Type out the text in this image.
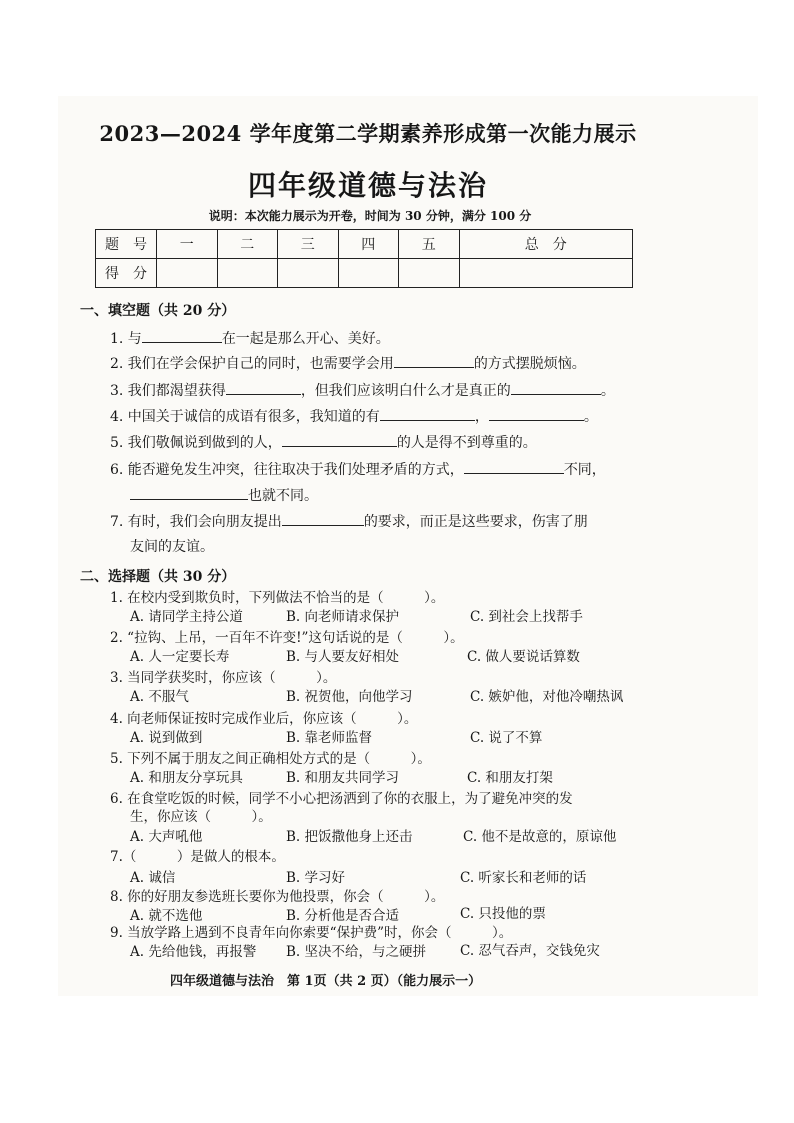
2023—2024 学年度第二学期素养形成第一次能力展示
四年级道德与法治
说明：本次能力展示为开卷，时间为 30 分钟，满分 100 分
题　号	一	二	三	四	五	总　分
得　分						
一、填空题（共 20 分）
1. 与	在一起是那么开心、美好。
2. 我们在学会保护自己的同时，也需要学会用	的方式摆脱烦恼。
3. 我们都渴望获得	，但我们应该明白什么才是真正的	。
4. 中国关于诚信的成语有很多，我知道的有	，	。
5. 我们敬佩说到做到的人，	的人是得不到尊重的。
6. 能否避免发生冲突，往往取决于我们处理矛盾的方式，	不同，
也就不同。
7. 有时，我们会向朋友提出	的要求，而正是这些要求，伤害了朋
友间的友谊。
二、选择题（共 30 分）
1. 在校内受到欺负时，下列做法不恰当的是（　　　）。
A. 请同学主持公道	B. 向老师请求保护	C. 到社会上找帮手
2. “拉钩、上吊，一百年不许变!”这句话说的是（　　　）。
A. 人一定要长寿	B. 与人要友好相处	C. 做人要说话算数
3. 当同学获奖时，你应该（　　　）。
A. 不服气	B. 祝贺他，向他学习	C. 嫉妒他，对他冷嘲热讽
4. 向老师保证按时完成作业后，你应该（　　　）。
A. 说到做到	B. 靠老师监督	C. 说了不算
5. 下列不属于朋友之间正确相处方式的是（　　　）。
A. 和朋友分享玩具	B. 和朋友共同学习	C. 和朋友打架
6. 在食堂吃饭的时候，同学不小心把汤洒到了你的衣服上，为了避免冲突的发
生，你应该（　　　）。
A. 大声吼他	B. 把饭撒他身上还击	C. 他不是故意的，原谅他
7.（　　　）是做人的根本。
A. 诚信	B. 学习好	C. 听家长和老师的话
8. 你的好朋友参选班长要你为他投票，你会（　　　）。
A. 就不选他	B. 分析他是否合适	C. 只投他的票
9. 当放学路上遇到不良青年向你索要“保护费”时，你会（　　　）。
A. 先给他钱，再报警 B. 坚决不给，与之硬拼	C. 忍气吞声，交钱免灾
四年级道德与法治　第 1页（共 2 页）（能力展示一）
